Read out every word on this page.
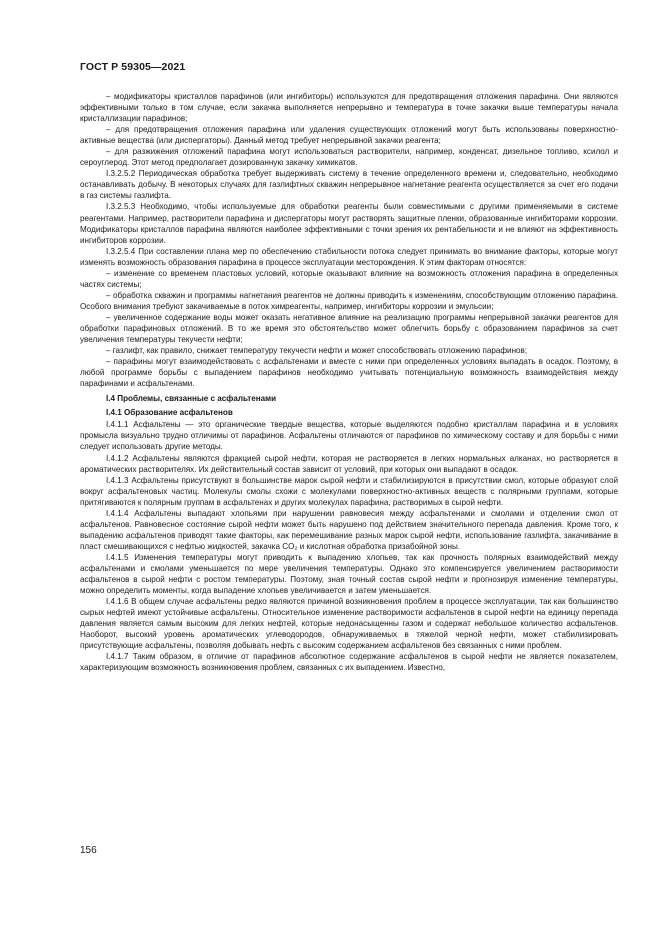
ГОСТ Р 59305—2021

– модификаторы кристаллов парафинов (или ингибиторы) используются для предотвращения отложения парафина. Они являются эффективными только в том случае, если закачка выполняется непрерывно и температура в точке закачки выше температуры начала кристаллизации парафинов;

– для предотвращения отложения парафина или удаления существующих отложений могут быть использованы поверхностно-активные вещества (или диспергаторы). Данный метод требует непрерывной закачки реагента;

– для разжижения отложений парафина могут использоваться растворители, например, конденсат, дизельное топливо, ксилол и сероуглерод. Этот метод предполагает дозированную закачку химикатов.

I.3.2.5.2 Периодическая обработка требует выдерживать систему в течение определенного времени и, следовательно, необходимо останавливать добычу. В некоторых случаях для газлифтных скважин непрерывное нагнетание реагента осуществляется за счет его подачи в газ системы газлифта.

I.3.2.5.3 Необходимо, чтобы используемые для обработки реагенты были совместимыми с другими применяемыми в системе реагентами. Например, растворители парафина и диспергаторы могут растворять защитные пленки, образованные ингибиторами коррозии. Модификаторы кристаллов парафина являются наиболее эффективными с точки зрения их рентабельности и не влияют на эффективность ингибиторов коррозии.

I.3.2.5.4 При составлении плана мер по обеспечению стабильности потока следует принимать во внимание факторы, которые могут изменять возможность образования парафина в процессе эксплуатации месторождения. К этим факторам относятся:

– изменение со временем пластовых условий, которые оказывают влияние на возможность отложения парафина в определенных частях системы;

– обработка скважин и программы нагнетания реагентов не должны приводить к изменениям, способствующим отложению парафина. Особого внимания требуют закачиваемые в поток химреагенты, например, ингибиторы коррозии и эмульсии;

– увеличенное содержание воды может оказать негативное влияние на реализацию программы непрерывной закачки реагентов для обработки парафиновых отложений. В то же время это обстоятельство может облегчить борьбу с образованием парафинов за счет увеличения температуры текучести нефти;

– газлифт, как правило, снижает температуру текучести нефти и может способствовать отложению парафинов;

– парафины могут взаимодействовать с асфальтенами и вместе с ними при определенных условиях выпадать в осадок. Поэтому, в любой программе борьбы с выпадением парафинов необходимо учитывать потенциальную возможность взаимодействия между парафинами и асфальтенами.

I.4 Проблемы, связанные с асфальтенами

I.4.1 Образование асфальтенов

I.4.1.1 Асфальтены — это органические твердые вещества, которые выделяются подобно кристаллам парафина и в условиях промысла визуально трудно отличимы от парафинов. Асфальтены отличаются от парафинов по химическому составу и для борьбы с ними следует использовать другие методы.

I.4.1.2 Асфальтены являются фракцией сырой нефти, которая не растворяется в легких нормальных алканах, но растворяется в ароматических растворителях. Их действительный состав зависит от условий, при которых они выпадают в осадок.

I.4.1.3 Асфальтены присутствуют в большинстве марок сырой нефти и стабилизируются в присутствии смол, которые образуют слой вокруг асфальтеновых частиц. Молекулы смолы схожи с молекулами поверхностно-активных веществ с полярными группами, которые притягиваются к полярным группам в асфальтенах и других молекулах парафина, растворимых в сырой нефти.

I.4.1.4 Асфальтены выпадают хлопьями при нарушении равновесия между асфальтенами и смолами и отделении смол от асфальтенов. Равновесное состояние сырой нефти может быть нарушено под действием значительного перепада давления. Кроме того, к выпадению асфальтенов приводят такие факторы, как перемешивание разных марок сырой нефти, использование газлифта, закачивание в пласт смешивающихся с нефтью жидкостей, закачка CO₂ и кислотная обработка призабойной зоны.

I.4.1.5 Изменения температуры могут приводить к выпадению хлопьев, так как прочность полярных взаимодействий между асфальтенами и смолами уменьшается по мере увеличения температуры. Однако это компенсируется увеличением растворимости асфальтенов в сырой нефти с ростом температуры. Поэтому, зная точный состав сырой нефти и прогнозируя изменение температуры, можно определить моменты, когда выпадение хлопьев увеличивается и затем уменьшается.

I.4.1.6 В общем случае асфальтены редко являются причиной возникновения проблем в процессе эксплуатации, так как большинство сырых нефтей имеют устойчивые асфальтены. Относительное изменение растворимости асфальтенов в сырой нефти на единицу перепада давления является самым высоким для легких нефтей, которые недонасыщенны газом и содержат небольшое количество асфальтенов. Наоборот, высокий уровень ароматических углеводородов, обнаруживаемых в тяжелой черной нефти, может стабилизировать присутствующие асфальтены, позволяя добывать нефть с высоким содержанием асфальтенов без связанных с ними проблем.

I.4.1.7 Таким образом, в отличие от парафинов абсолютное содержание асфальтенов в сырой нефти не является показателем, характеризующим возможность возникновения проблем, связанных с их выпадением. Известно,

156
